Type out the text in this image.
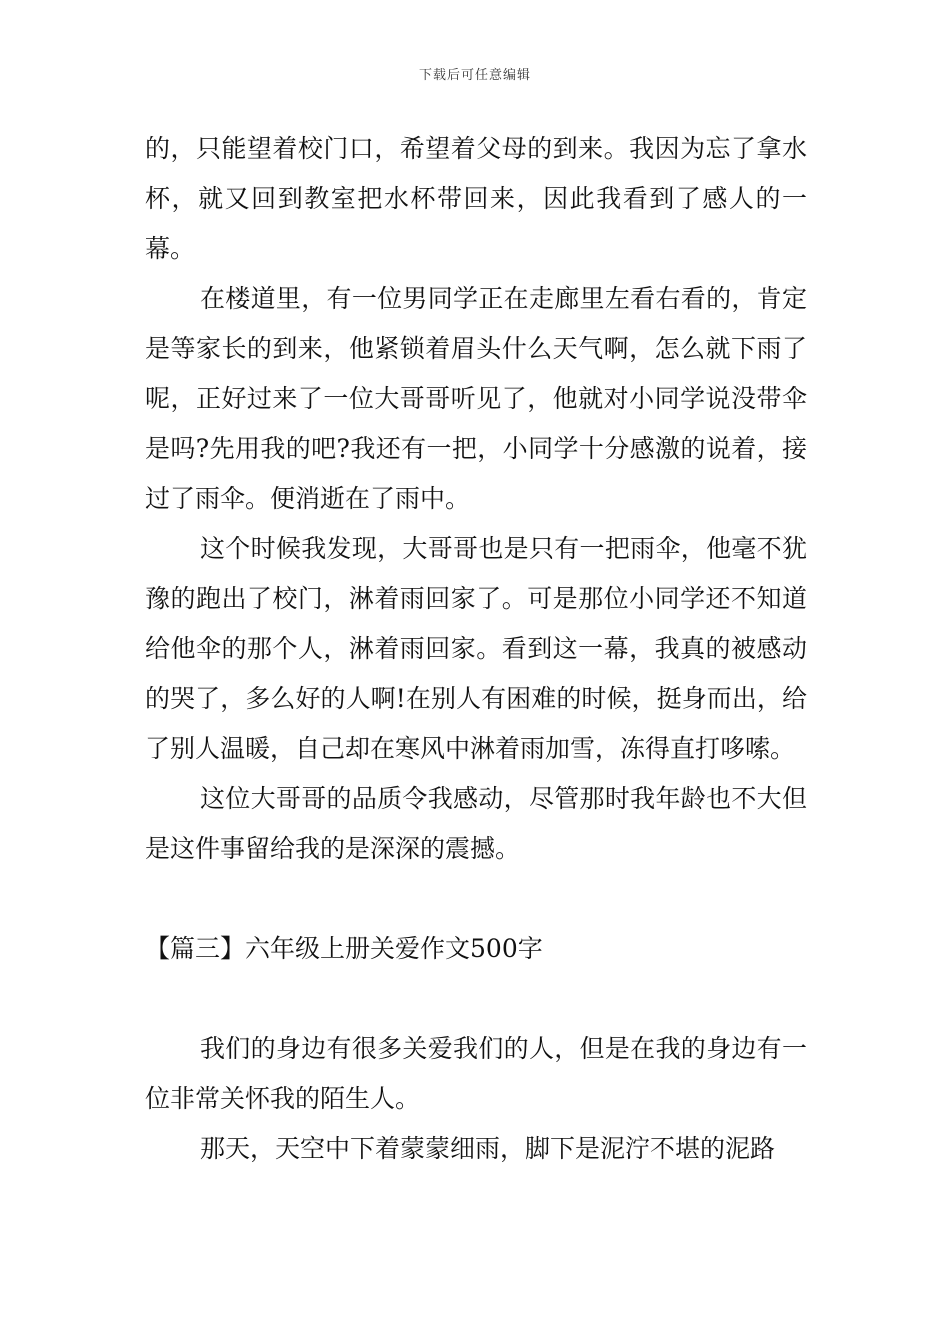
下载后可任意编辑

的，只能望着校门口，希望着父母的到来。我因为忘了拿水杯，就又回到教室把水杯带回来，因此我看到了感人的一幕。

在楼道里，有一位男同学正在走廊里左看右看的，肯定是等家长的到来，他紧锁着眉头什么天气啊，怎么就下雨了呢，正好过来了一位大哥哥听见了，他就对小同学说没带伞是吗?先用我的吧?我还有一把，小同学十分感激的说着，接过了雨伞。便消逝在了雨中。

这个时候我发现，大哥哥也是只有一把雨伞，他毫不犹豫的跑出了校门，淋着雨回家了。可是那位小同学还不知道给他伞的那个人，淋着雨回家。看到这一幕，我真的被感动的哭了，多么好的人啊!在别人有困难的时候，挺身而出，给了别人温暖，自己却在寒风中淋着雨加雪，冻得直打哆嗦。

这位大哥哥的品质令我感动，尽管那时我年龄也不大但是这件事留给我的是深深的震撼。

【篇三】六年级上册关爱作文500字

我们的身边有很多关爱我们的人，但是在我的身边有一位非常关怀我的陌生人。

那天，天空中下着蒙蒙细雨，脚下是泥泞不堪的泥路
